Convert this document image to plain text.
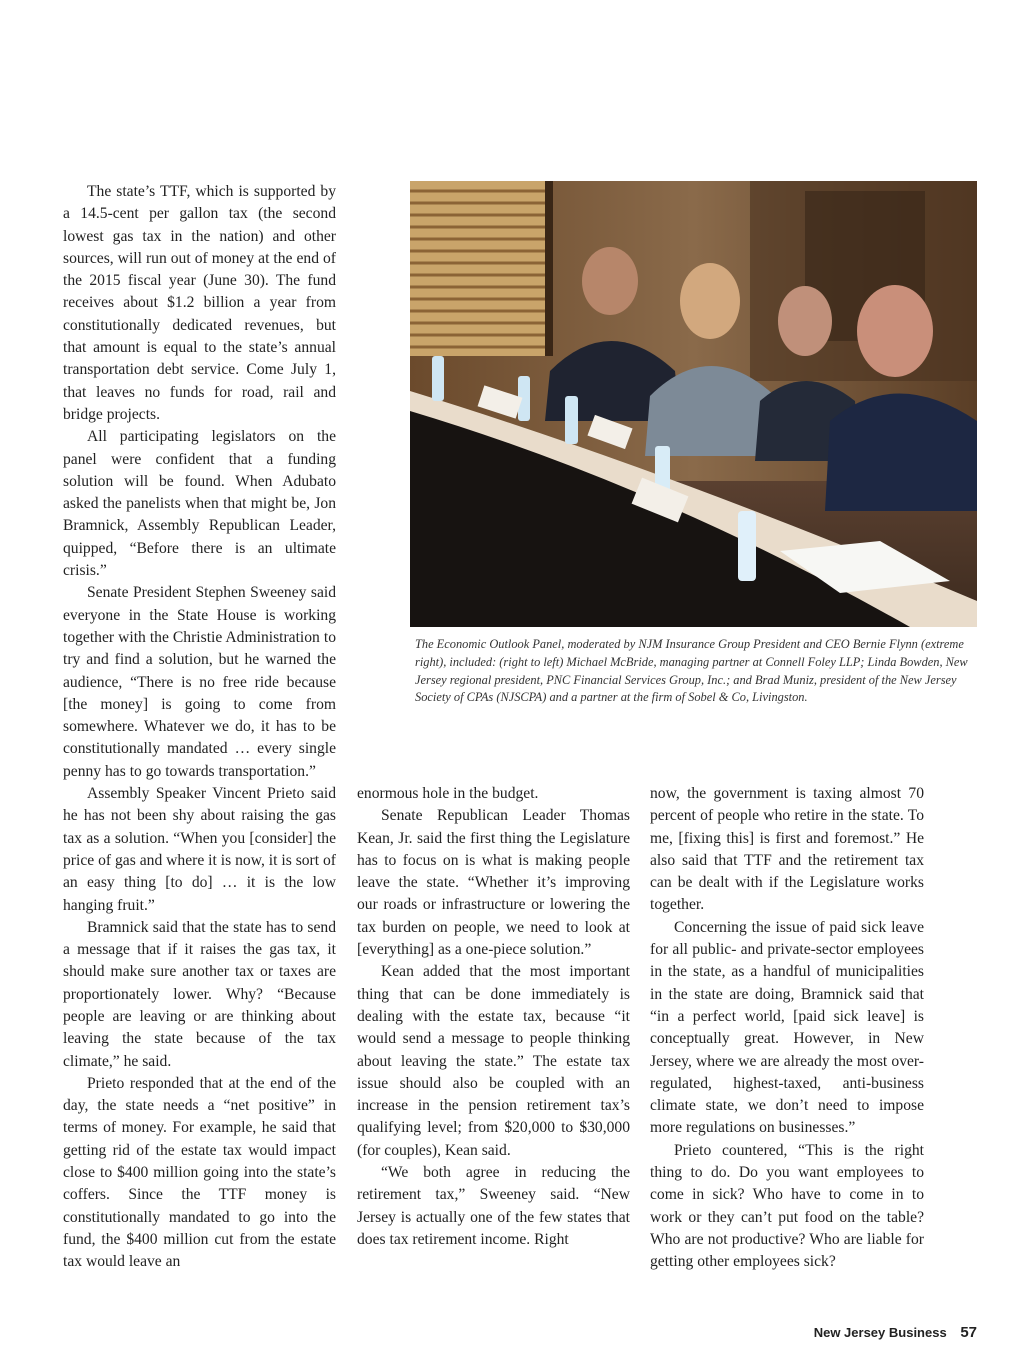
The state’s TTF, which is supported by a 14.5-cent per gallon tax (the second lowest gas tax in the nation) and other sources, will run out of money at the end of the 2015 fiscal year (June 30). The fund receives about $1.2 billion a year from constitutionally dedicated revenues, but that amount is equal to the state’s annual transportation debt service. Come July 1, that leaves no funds for road, rail and bridge projects.

All participating legislators on the panel were confident that a funding solution will be found. When Adubato asked the panelists when that might be, Jon Bramnick, Assembly Republican Leader, quipped, “Before there is an ultimate crisis.”

Senate President Stephen Sweeney said everyone in the State House is working together with the Christie Administration to try and find a solution, but he warned the audience, “There is no free ride because [the money] is going to come from somewhere. Whatever we do, it has to be constitutionally mandated … every single penny has to go towards transportation.”

Assembly Speaker Vincent Prieto said he has not been shy about raising the gas tax as a solution. “When you [consider] the price of gas and where it is now, it is sort of an easy thing [to do] … it is the low hanging fruit.”

Bramnick said that the state has to send a message that if it raises the gas tax, it should make sure another tax or taxes are proportionately lower. Why? “Because people are leaving or are thinking about leaving the state because of the tax climate,” he said.

Prieto responded that at the end of the day, the state needs a “net positive” in terms of money. For example, he said that getting rid of the estate tax would impact close to $400 million going into the state’s coffers. Since the TTF money is constitutionally mandated to go into the fund, the $400 million cut from the estate tax would leave an

The Economic Outlook Panel, moderated by NJM Insurance Group President and CEO Bernie Flynn (extreme right), included: (right to left) Michael McBride, managing partner at Connell Foley LLP; Linda Bowden, New Jersey regional president, PNC Financial Services Group, Inc.; and Brad Muniz, president of the New Jersey Society of CPAs (NJSCPA) and a partner at the firm of Sobel & Co, Livingston.

enormous hole in the budget.

Senate Republican Leader Thomas Kean, Jr. said the first thing the Legislature has to focus on is what is making people leave the state. “Whether it’s improving our roads or infrastructure or lowering the tax burden on people, we need to look at [everything] as a one-piece solution.”

Kean added that the most important thing that can be done immediately is dealing with the estate tax, because “it would send a message to people thinking about leaving the state.” The estate tax issue should also be coupled with an increase in the pension retirement tax’s qualifying level; from $20,000 to $30,000 (for couples), Kean said.

“We both agree in reducing the retirement tax,” Sweeney said. “New Jersey is actually one of the few states that does tax retirement income. Right

now, the government is taxing almost 70 percent of people who retire in the state. To me, [fixing this] is first and foremost.” He also said that TTF and the retirement tax can be dealt with if the Legislature works together.

Concerning the issue of paid sick leave for all public- and private-sector employees in the state, as a handful of municipalities in the state are doing, Bramnick said that “in a perfect world, [paid sick leave] is conceptually great. However, in New Jersey, where we are already the most over-regulated, highest-taxed, anti-business climate state, we don’t need to impose more regulations on businesses.”

Prieto countered, “This is the right thing to do. Do you want employees to come in sick? Who have to come in to work or they can’t put food on the table? Who are not productive? Who are liable for getting other employees sick?

New Jersey Business 57
